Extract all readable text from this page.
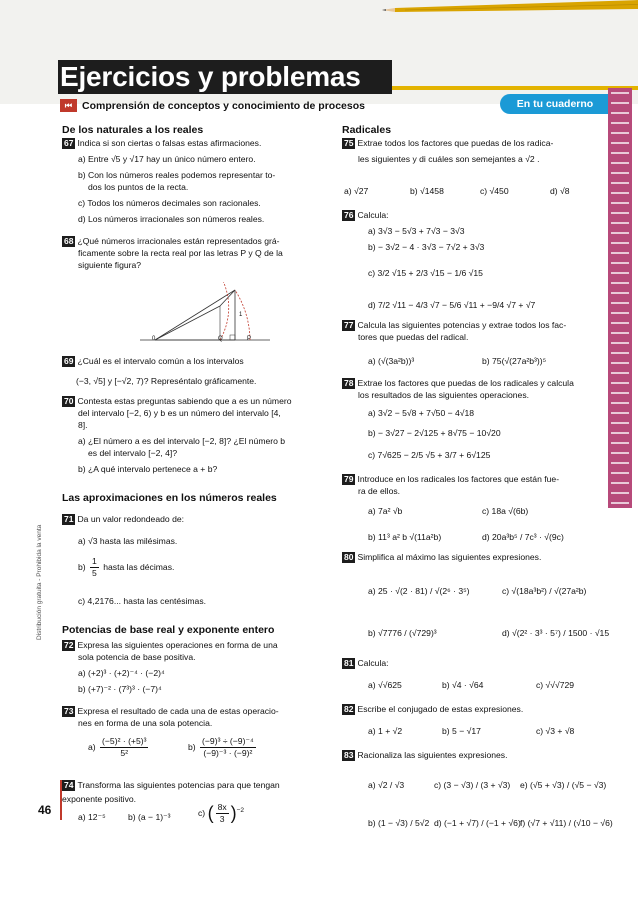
Ejercicios y problemas
⏮ Comprensión de conceptos y conocimiento de procesos	En tu cuaderno
Distribución gratuita - Prohibida la venta
46
De los naturales a los reales
67 Indica si son ciertas o falsas estas afirmaciones.
a) Entre √5 y √17 hay un único número entero.
b) Con los números reales podemos representar to-
dos los puntos de la recta.
c) Todos los números decimales son racionales.
d) Los números irracionales son números reales.
68 ¿Qué números irracionales están representados grá-
ficamente sobre la recta real por las letras P y Q de la
siguiente figura?
0	Q	P
1
69 ¿Cuál es el intervalo común a los intervalos
(−3, √5] y [−√2, 7)? Represéntalo gráficamente.
70 Contesta estas preguntas sabiendo que a es un número
del intervalo [−2, 6) y b es un número del intervalo [4,
8].
a) ¿El número a es del intervalo [−2, 8]? ¿El número b
es del intervalo [−2, 4]?
b) ¿A qué intervalo pertenece a + b?
Las aproximaciones en los números reales
71 Da un valor redondeado de:
a) √3 hasta las milésimas.
$b) \frac{1}{5}$ hasta las décimas.
c) 4,2176... hasta las centésimas.
Potencias de base real y exponente entero
72 Expresa las siguientes operaciones en forma de una
sola potencia de base positiva.
a) (+2)³ · (+2)⁻⁴ · (−2)⁴
b) (+7)⁻² · (7³)³ · (−7)⁴
73 Expresa el resultado de cada una de estas operacio-
nes en forma de una sola potencia.
$a) \frac{\text{(−5)² · (+5)³}}{\text{5²}}$	$b) \frac{\text{(−9)³ ÷ (−9)⁻⁴}}{\text{(−9)⁻³ · (−9)²}}$
74 Transforma las siguientes potencias para que tengan
exponente positivo.
a) 12⁻⁵	b) (a − 1)⁻³	c) ( $\frac{8x}{3} )^{-2}$
Radicales
75 Extrae todos los factores que puedas de los radica-
les siguientes y di cuáles son semejantes a √2 .
a) √27	b) √1458	c) √450	d) √8
76 Calcula:
a) 3√3 − 5√3 + 7√3 − 3√3
b) − 3√2 − 4 · 3√3 − 7√2 + 3√3
c) 3/2 √15 + 2/3 √15 − 1/6 √15
d) 7/2 √11 − 4/3 √7 − 5/6 √11 + −9/4 √7 + √7
77 Calcula las siguientes potencias y extrae todos los fac-
tores que puedas del radical.
a) (√(3a²b))³	b) 75(√(27a²b³))⁵
78 Extrae los factores que puedas de los radicales y calcula
los resultados de las siguientes operaciones.
a) 3√2 − 5√8 + 7√50 − 4√18
b) − 3√27 − 2√125 + 8√75 − 10√20
c) 7√625 − 2/5 √5 + 3/7 + 6√125
79 Introduce en los radicales los factores que están fue-
ra de ellos.
a) 7a² √b	c) 18a √(6b)
b) 11³ a² b √(11a²b)	d) 20a³b⁵ / 7c³ · √(9c)
80 Simplifica al máximo las siguientes expresiones.
a) 25 · √(2 · 81) / √(2⁶ · 3⁵)	c) √(18a³b²) / √(27a²b)
b) √7776 / (√729)³	d) √(2² · 3³ · 5⁷) / 1500 · √15
81 Calcula:
a) √√625	b) √4 · √64	c) √√√729
82 Escribe el conjugado de estas expresiones.
a) 1 + √2	b) 5 − √17	c) √3 + √8
83 Racionaliza las siguientes expresiones.
a) √2 / √3	c) (3 − √3) / (3 + √3) e) (√5 + √3) / (√5 − √3)
b) (1 − √3) / 5√2 d) (−1 + √7) / (−1 + √6) f) (√7 + √11) / (√10 − √6)
